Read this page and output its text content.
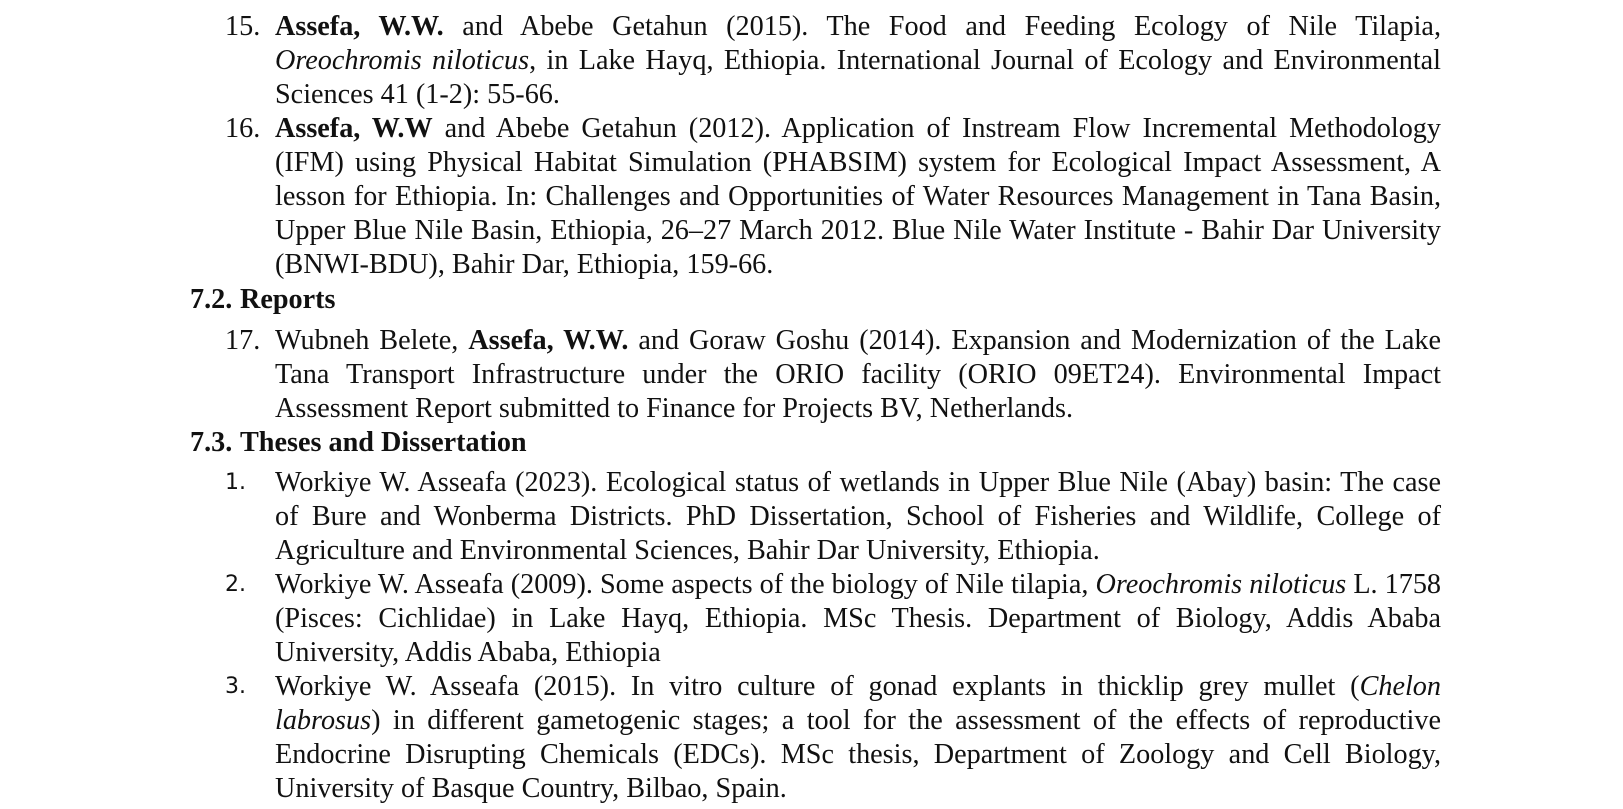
15. Assefa, W.W. and Abebe Getahun (2015). The Food and Feeding Ecology of Nile Tilapia, Oreochromis niloticus, in Lake Hayq, Ethiopia. International Journal of Ecology and Environmental Sciences 41 (1-2): 55-66.
16. Assefa, W.W and Abebe Getahun (2012). Application of Instream Flow Incremental Methodology (IFM) using Physical Habitat Simulation (PHABSIM) system for Ecological Impact Assessment, A lesson for Ethiopia. In: Challenges and Opportunities of Water Resources Management in Tana Basin, Upper Blue Nile Basin, Ethiopia, 26–27 March 2012. Blue Nile Water Institute - Bahir Dar University (BNWI-BDU), Bahir Dar, Ethiopia, 159-66.
7.2. Reports
17. Wubneh Belete, Assefa, W.W. and Goraw Goshu (2014). Expansion and Modernization of the Lake Tana Transport Infrastructure under the ORIO facility (ORIO 09ET24). Environmental Impact Assessment Report submitted to Finance for Projects BV, Netherlands.
7.3. Theses and Dissertation
1.	Workiye W. Asseafa (2023). Ecological status of wetlands in Upper Blue Nile (Abay) basin: The case of Bure and Wonberma Districts. PhD Dissertation, School of Fisheries and Wildlife, College of Agriculture and Environmental Sciences, Bahir Dar University, Ethiopia.
2.	Workiye W. Asseafa (2009). Some aspects of the biology of Nile tilapia, Oreochromis niloticus L. 1758 (Pisces: Cichlidae) in Lake Hayq, Ethiopia. MSc Thesis. Department of Biology, Addis Ababa University, Addis Ababa, Ethiopia
3.	Workiye W. Asseafa (2015). In vitro culture of gonad explants in thicklip grey mullet (Chelon labrosus) in different gametogenic stages; a tool for the assessment of the effects of reproductive Endocrine Disrupting Chemicals (EDCs). MSc thesis, Department of Zoology and Cell Biology, University of Basque Country, Bilbao, Spain.
